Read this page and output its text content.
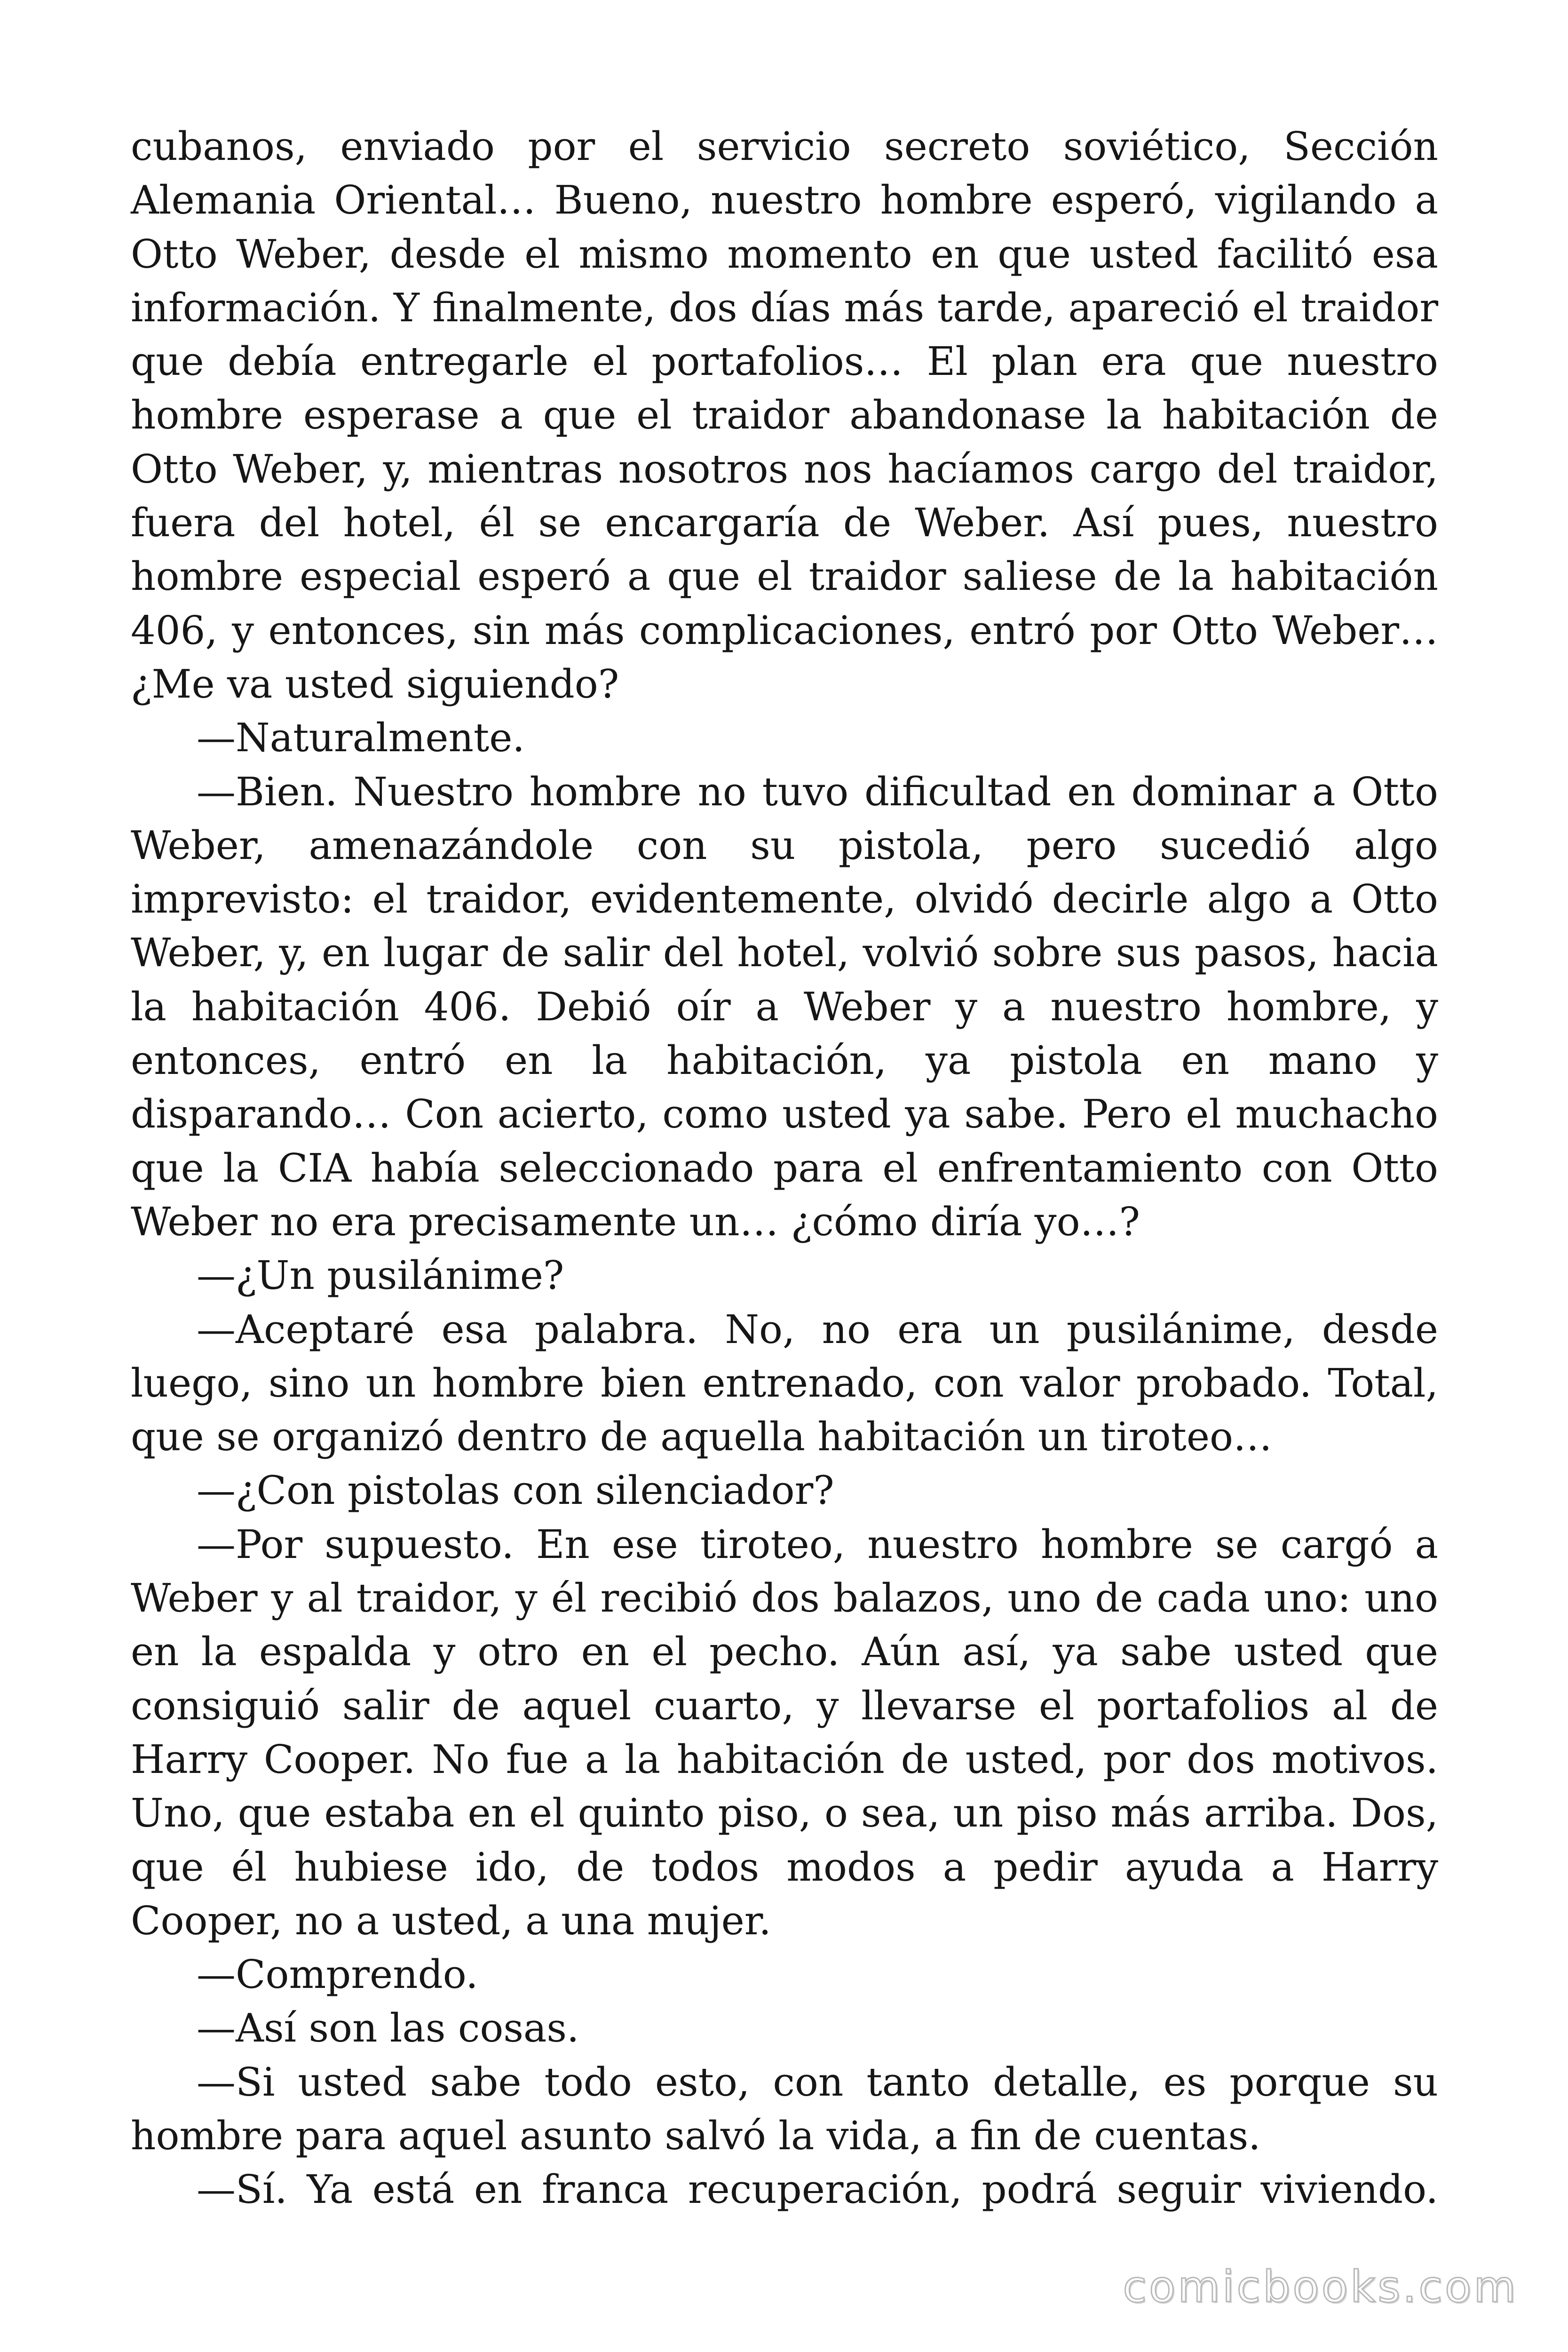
cubanos, enviado por el servicio secreto soviético, Sección Alemania Oriental… Bueno, nuestro hombre esperó, vigilando a Otto Weber, desde el mismo momento en que usted facilitó esa información. Y finalmente, dos días más tarde, apareció el traidor que debía entregarle el portafolios… El plan era que nuestro hombre esperase a que el traidor abandonase la habitación de Otto Weber, y, mientras nosotros nos hacíamos cargo del traidor, fuera del hotel, él se encargaría de Weber. Así pues, nuestro hombre especial esperó a que el traidor saliese de la habitación 406, y entonces, sin más complicaciones, entró por Otto Weber… ¿Me va usted siguiendo?

—Naturalmente.

—Bien. Nuestro hombre no tuvo dificultad en dominar a Otto Weber, amenazándole con su pistola, pero sucedió algo imprevisto: el traidor, evidentemente, olvidó decirle algo a Otto Weber, y, en lugar de salir del hotel, volvió sobre sus pasos, hacia la habitación 406. Debió oír a Weber y a nuestro hombre, y entonces, entró en la habitación, ya pistola en mano y disparando… Con acierto, como usted ya sabe. Pero el muchacho que la CIA había seleccionado para el enfrentamiento con Otto Weber no era precisamente un… ¿cómo diría yo…?

—¿Un pusilánime?

—Aceptaré esa palabra. No, no era un pusilánime, desde luego, sino un hombre bien entrenado, con valor probado. Total, que se organizó dentro de aquella habitación un tiroteo…

—¿Con pistolas con silenciador?

—Por supuesto. En ese tiroteo, nuestro hombre se cargó a Weber y al traidor, y él recibió dos balazos, uno de cada uno: uno en la espalda y otro en el pecho. Aún así, ya sabe usted que consiguió salir de aquel cuarto, y llevarse el portafolios al de Harry Cooper. No fue a la habitación de usted, por dos motivos. Uno, que estaba en el quinto piso, o sea, un piso más arriba. Dos, que él hubiese ido, de todos modos a pedir ayuda a Harry Cooper, no a usted, a una mujer.

—Comprendo.

—Así son las cosas.

—Si usted sabe todo esto, con tanto detalle, es porque su hombre para aquel asunto salvó la vida, a fin de cuentas.

—Sí. Ya está en franca recuperación, podrá seguir viviendo.

comicbooks.com
